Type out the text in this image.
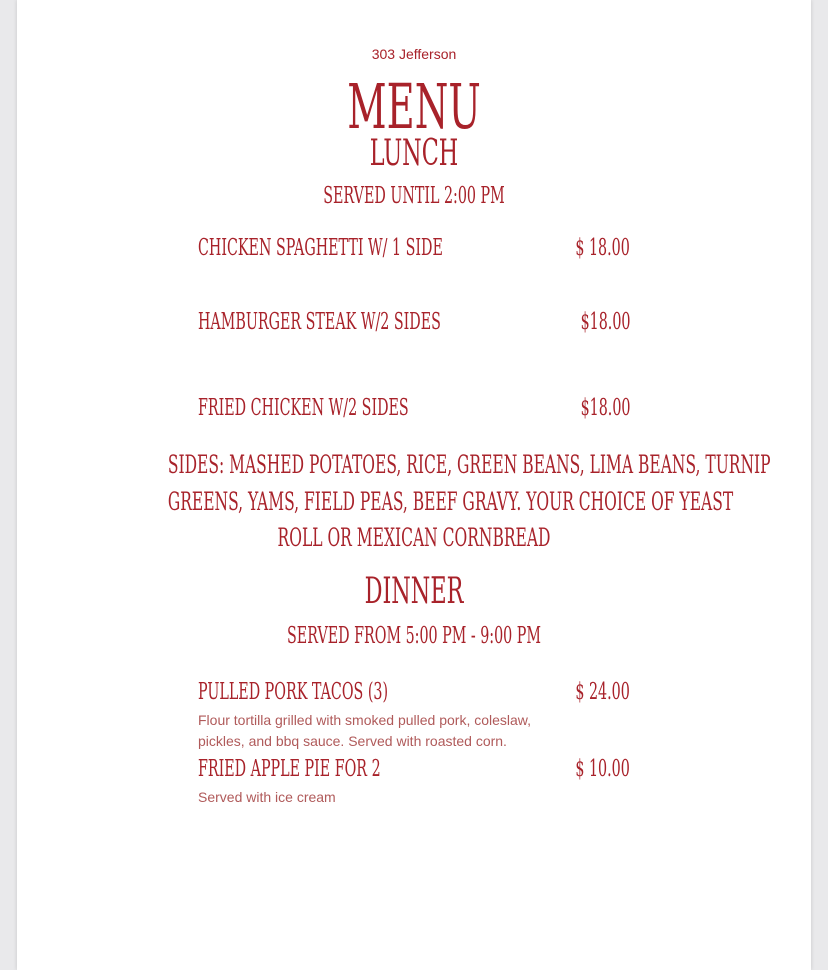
303 Jefferson
MENU
LUNCH
SERVED UNTIL 2:00 PM
CHICKEN SPAGHETTI W/ 1 SIDE	$ 18.00
HAMBURGER STEAK W/2 SIDES	$18.00
FRIED CHICKEN W/2 SIDES	$18.00
SIDES: MASHED POTATOES, RICE, GREEN BEANS, LIMA BEANS, TURNIP
GREENS, YAMS, FIELD PEAS, BEEF GRAVY. YOUR CHOICE OF YEAST
ROLL OR MEXICAN CORNBREAD
DINNER
SERVED FROM 5:00 PM - 9:00 PM
PULLED PORK TACOS (3)	$ 24.00
Flour tortilla grilled with smoked pulled pork, coleslaw, pickles, and bbq sauce. Served with roasted corn.
FRIED APPLE PIE FOR 2	$ 10.00
Served with ice cream
